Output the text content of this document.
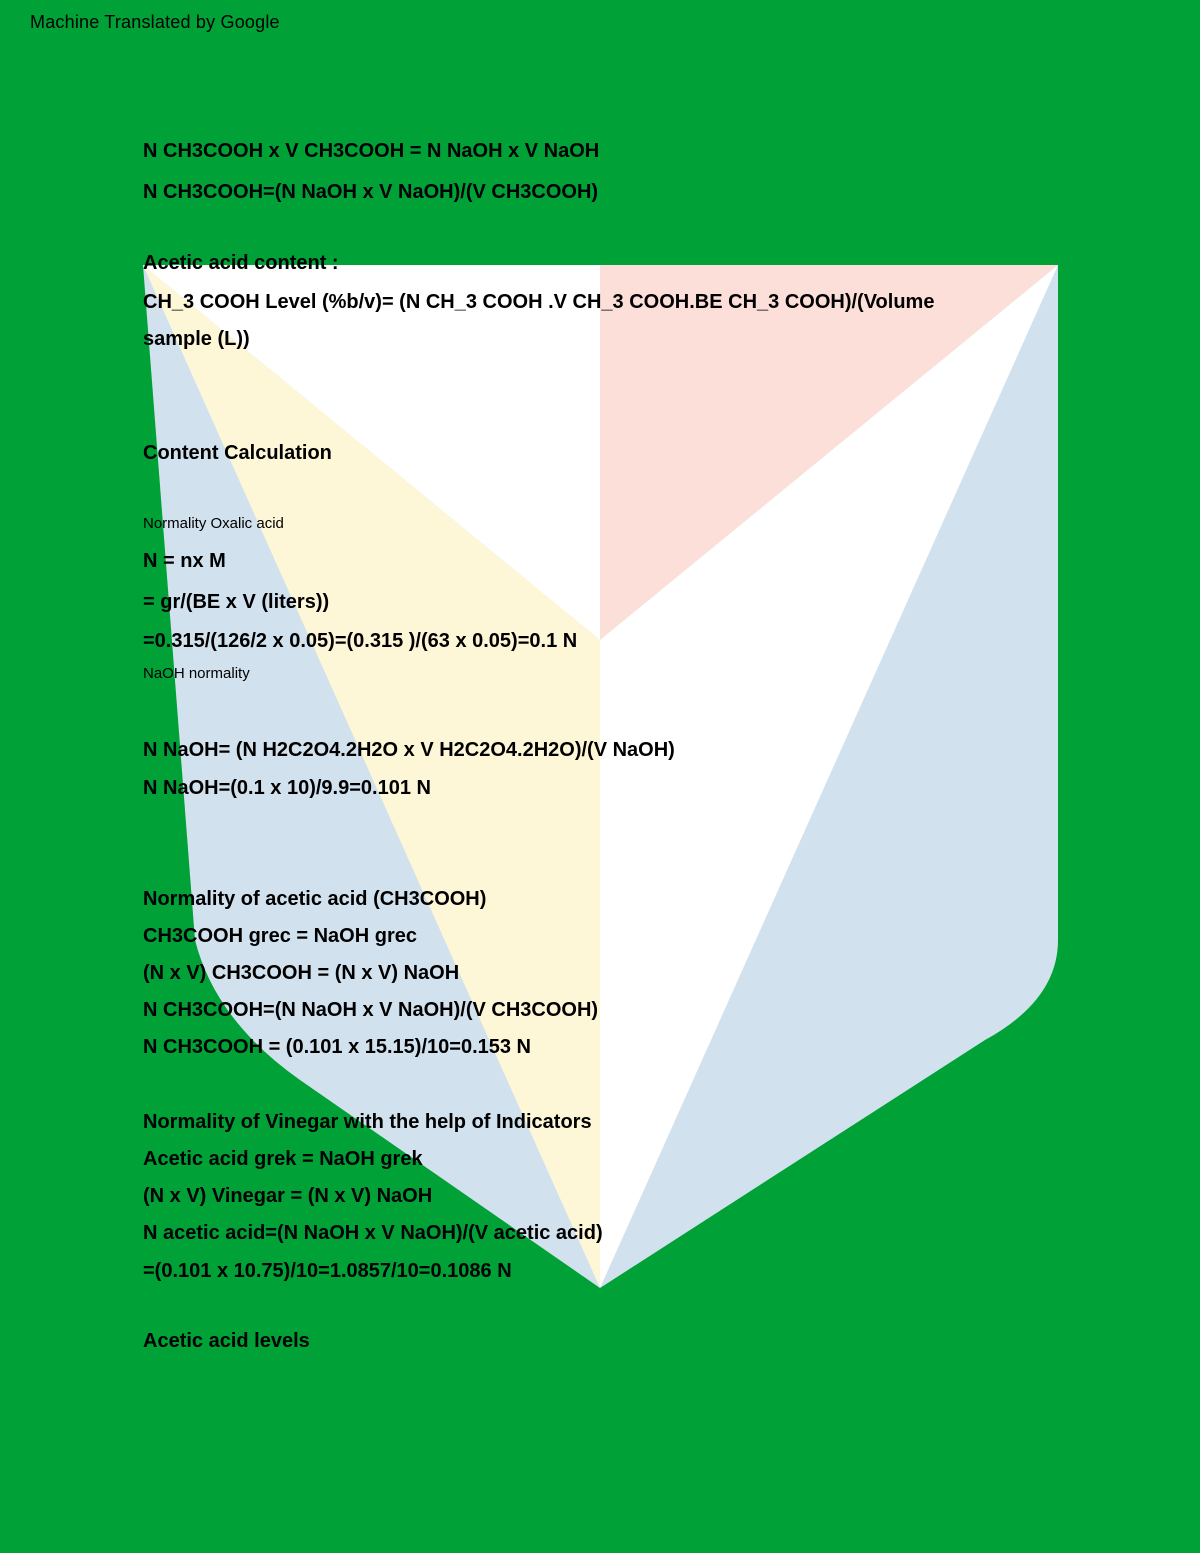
Machine Translated by Google
N CH3COOH x V CH3COOH = N NaOH x V NaOH
N CH3COOH=(N NaOH x V NaOH)/(V CH3COOH)
Acetic acid content :
CH_3 COOH Level (%b/v)= (N CH_3 COOH .V CH_3 COOH.BE CH_3 COOH)/(Volume sample (L))
Content Calculation
Normality Oxalic acid
N = nx M
= gr/(BE x V (liters))
=0.315/(126/2 x 0.05)=(0.315 )/(63 x 0.05)=0.1 N
NaOH normality
N NaOH= (N H2C2O4.2H2O x V H2C2O4.2H2O)/(V NaOH)
N NaOH=(0.1 x 10)/9.9=0.101 N
Normality of acetic acid (CH3COOH)
CH3COOH grec = NaOH grec
(N x V) CH3COOH = (N x V) NaOH
N CH3COOH=(N NaOH x V NaOH)/(V CH3COOH)
N CH3COOH = (0.101 x 15.15)/10=0.153 N
Normality of Vinegar with the help of Indicators
Acetic acid grek = NaOH grek
(N x V) Vinegar = (N x V) NaOH
N acetic acid=(N NaOH x V NaOH)/(V acetic acid)
=(0.101 x 10.75)/10=1.0857/10=0.1086 N
Acetic acid levels
